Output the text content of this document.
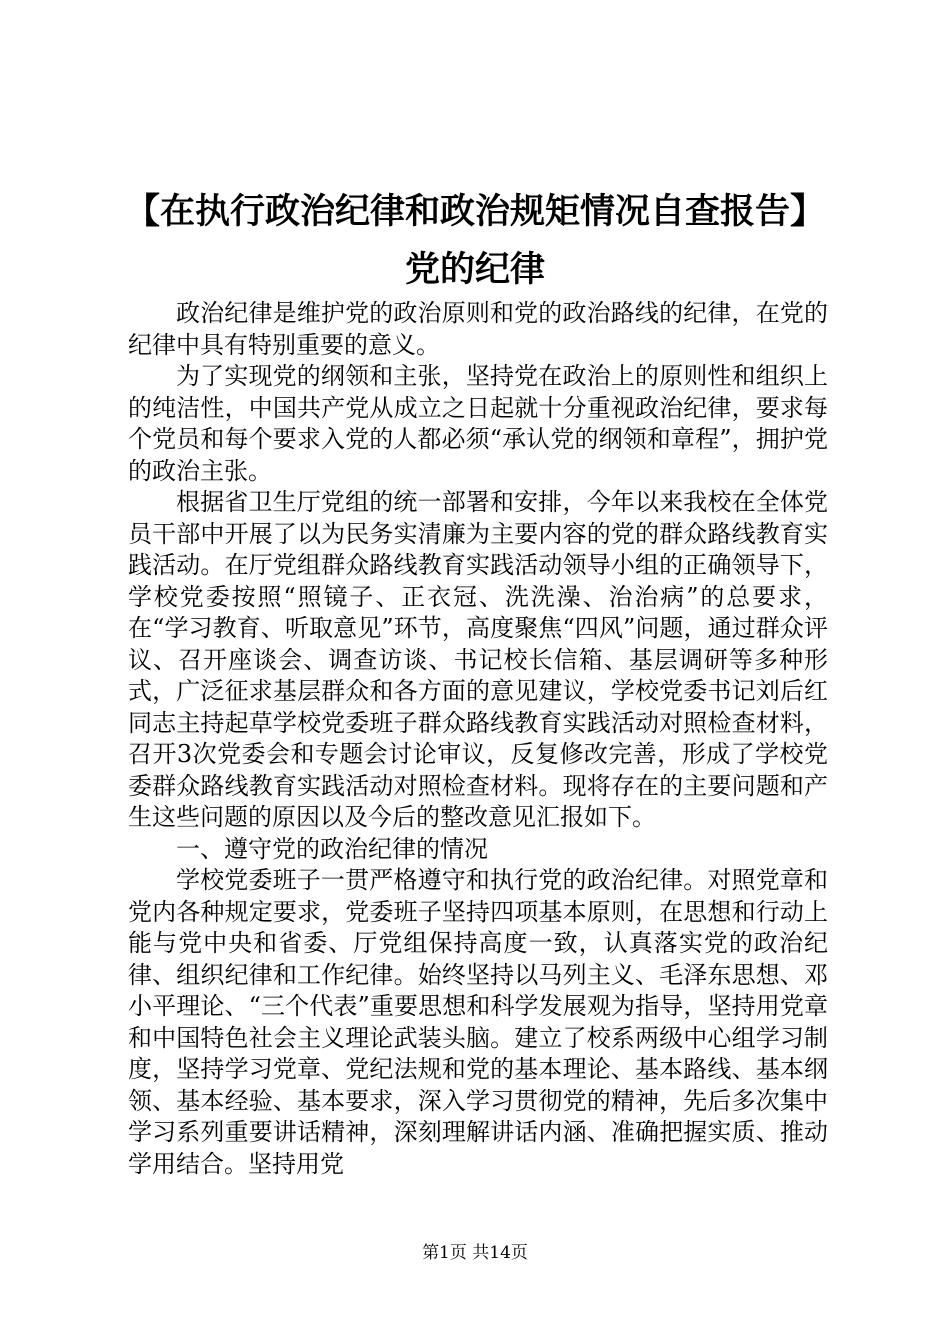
【在执行政治纪律和政治规矩情况自查报告】
党的纪律

政治纪律是维护党的政治原则和党的政治路线的纪律，在党的纪律中具有特别重要的意义。

为了实现党的纲领和主张，坚持党在政治上的原则性和组织上的纯洁性，中国共产党从成立之日起就十分重视政治纪律，要求每个党员和每个要求入党的人都必须“承认党的纲领和章程”，拥护党的政治主张。

根据省卫生厅党组的统一部署和安排，今年以来我校在全体党员干部中开展了以为民务实清廉为主要内容的党的群众路线教育实践活动。在厅党组群众路线教育实践活动领导小组的正确领导下，学校党委按照“照镜子、正衣冠、洗洗澡、治治病”的总要求，在“学习教育、听取意见”环节，高度聚焦“四风”问题，通过群众评议、召开座谈会、调查访谈、书记校长信箱、基层调研等多种形式，广泛征求基层群众和各方面的意见建议，学校党委书记刘后红同志主持起草学校党委班子群众路线教育实践活动对照检查材料，召开3次党委会和专题会讨论审议，反复修改完善，形成了学校党委群众路线教育实践活动对照检查材料。现将存在的主要问题和产生这些问题的原因以及今后的整改意见汇报如下。

一、遵守党的政治纪律的情况

学校党委班子一贯严格遵守和执行党的政治纪律。对照党章和党内各种规定要求，党委班子坚持四项基本原则，在思想和行动上能与党中央和省委、厅党组保持高度一致，认真落实党的政治纪律、组织纪律和工作纪律。始终坚持以马列主义、毛泽东思想、邓小平理论、“三个代表”重要思想和科学发展观为指导，坚持用党章和中国特色社会主义理论武装头脑。建立了校系两级中心组学习制度，坚持学习党章、党纪法规和党的基本理论、基本路线、基本纲领、基本经验、基本要求，深入学习贯彻党的精神，先后多次集中学习系列重要讲话精神，深刻理解讲话内涵、准确把握实质、推动学用结合。坚持用党

第1页 共14页
